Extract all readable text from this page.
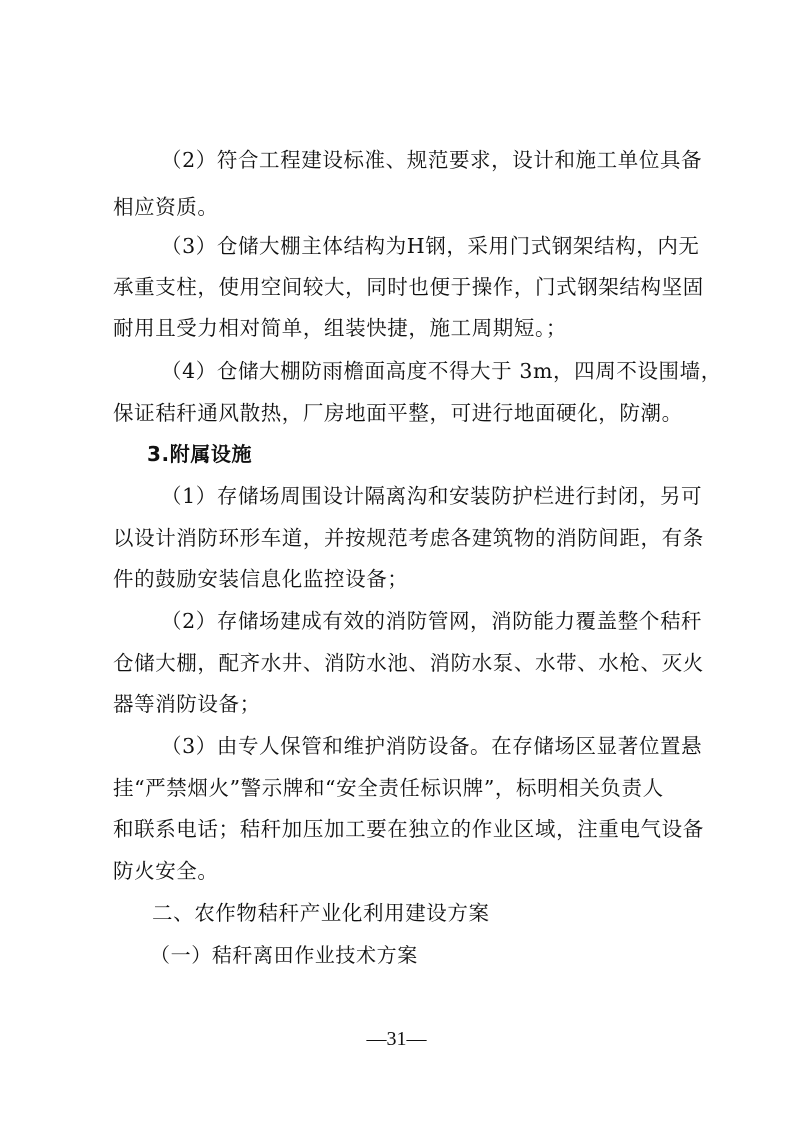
（2）符合工程建设标准、规范要求，设计和施工单位具备
相应资质。
（3）仓储大棚主体结构为H钢，采用门式钢架结构，内无
承重支柱，使用空间较大，同时也便于操作，门式钢架结构坚固
耐用且受力相对简单，组装快捷，施工周期短。；
（4）仓储大棚防雨檐面高度不得大于 3m，四周不设围墙，
保证秸秆通风散热，厂房地面平整，可进行地面硬化，防潮。
3.附属设施
（1）存储场周围设计隔离沟和安装防护栏进行封闭，另可
以设计消防环形车道，并按规范考虑各建筑物的消防间距，有条
件的鼓励安装信息化监控设备；
（2）存储场建成有效的消防管网，消防能力覆盖整个秸秆
仓储大棚，配齐水井、消防水池、消防水泵、水带、水枪、灭火
器等消防设备；
（3）由专人保管和维护消防设备。在存储场区显著位置悬
挂“严禁烟火”警示牌和“安全责任标识牌”，标明相关负责人
和联系电话；秸秆加压加工要在独立的作业区域，注重电气设备
防火安全。
二、农作物秸秆产业化利用建设方案
（一）秸秆离田作业技术方案
—31—
